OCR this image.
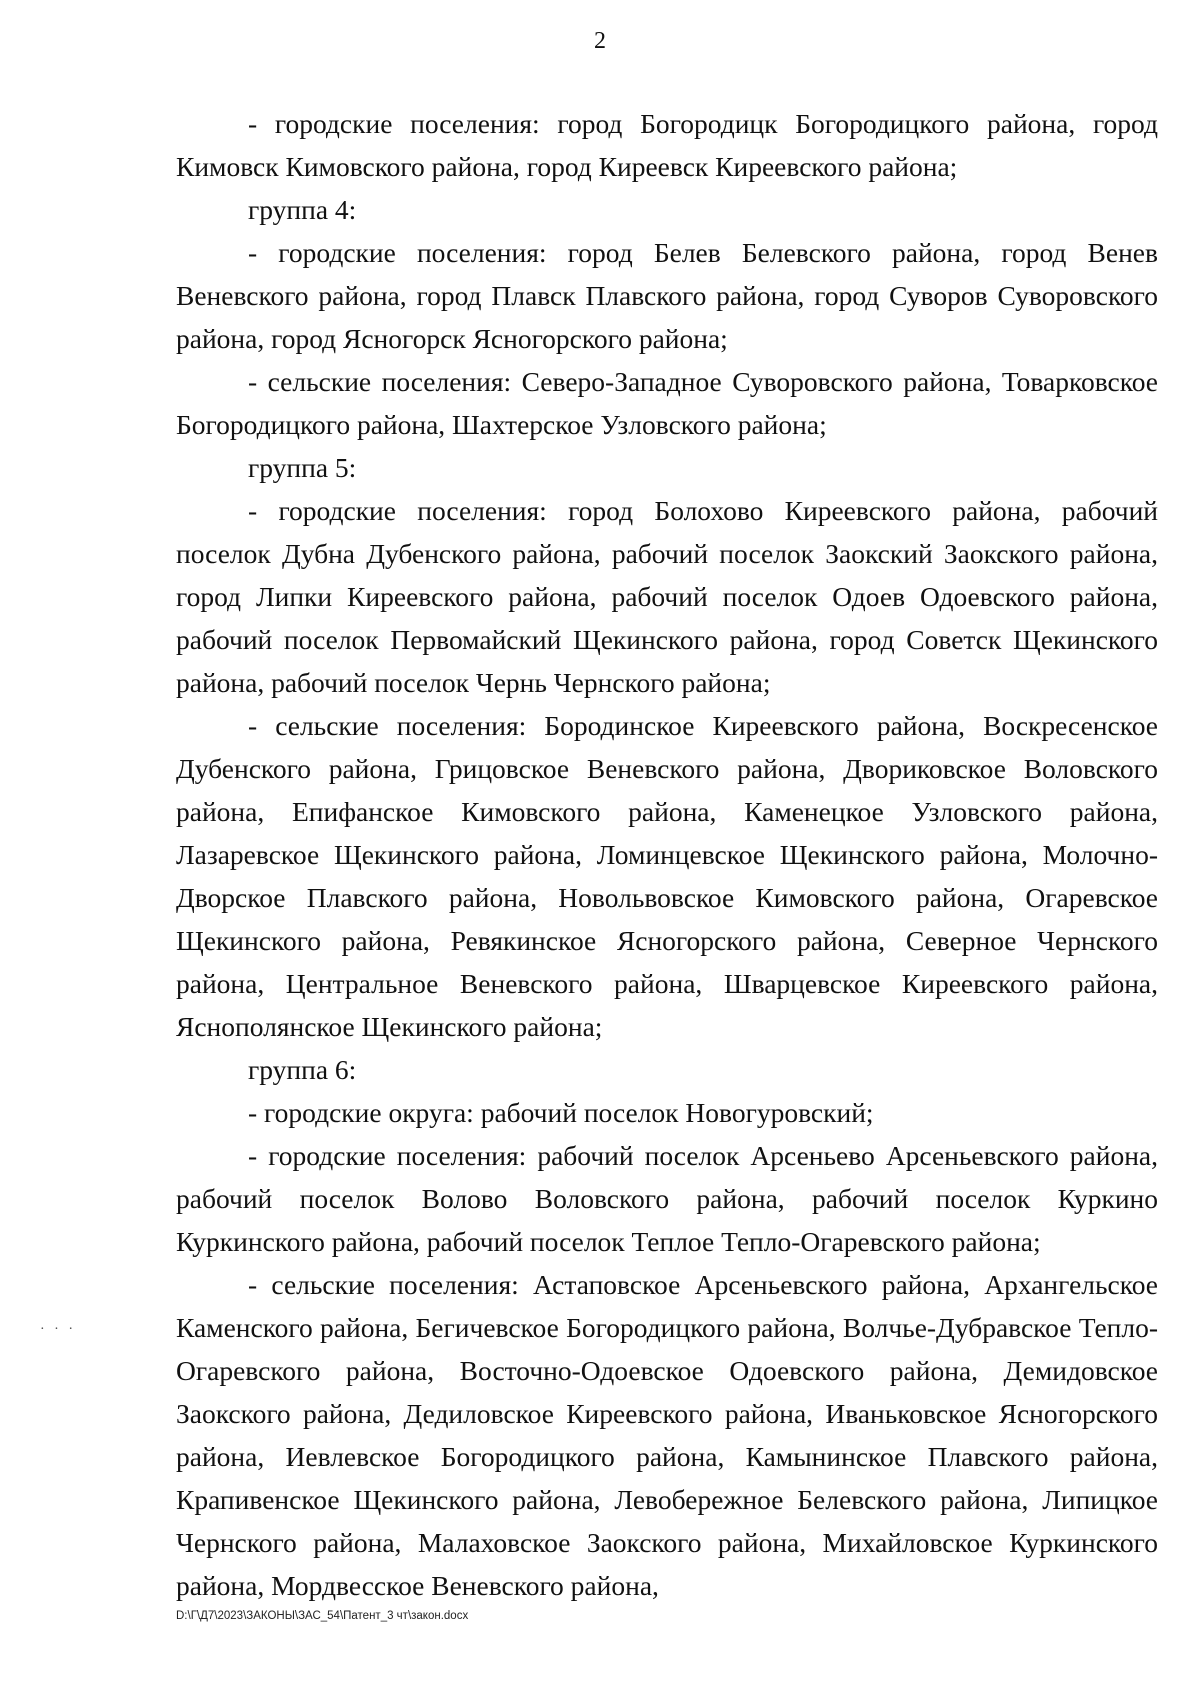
2

- городские поселения: город Богородицк Богородицкого района, город Кимовск Кимовского района, город Киреевск Киреевского района;

группа 4:

- городские поселения: город Белев Белевского района, город Венев Веневского района, город Плавск Плавского района, город Суворов Суворовского района, город Ясногорск Ясногорского района;

- сельские поселения: Северо-Западное Суворовского района, Товарковское Богородицкого района, Шахтерское Узловского района;

группа 5:

- городские поселения: город Болохово Киреевского района, рабочий поселок Дубна Дубенского района, рабочий поселок Заокский Заокского района, город Липки Киреевского района, рабочий поселок Одоев Одоевского района, рабочий поселок Первомайский Щекинского района, город Советск Щекинского района, рабочий поселок Чернь Чернского района;

- сельские поселения: Бородинское Киреевского района, Воскресенское Дубенского района, Грицовское Веневского района, Двориковское Воловского района, Епифанское Кимовского района, Каменецкое Узловского района, Лазаревское Щекинского района, Ломинцевское Щекинского района, Молочно-Дворское Плавского района, Новольвовское Кимовского района, Огаревское Щекинского района, Ревякинское Ясногорского района, Северное Чернского района, Центральное Веневского района, Шварцевское Киреевского района, Яснополянское Щекинского района;

группа 6:

- городские округа: рабочий поселок Новогуровский;

- городские поселения: рабочий поселок Арсеньево Арсеньевского района, рабочий поселок Волово Воловского района, рабочий поселок Куркино Куркинского района, рабочий поселок Теплое Тепло-Огаревского района;

- сельские поселения: Астаповское Арсеньевского района, Архангельское Каменского района, Бегичевское Богородицкого района, Волчье-Дубравское Тепло-Огаревского района, Восточно-Одоевское Одоевского района, Демидовское Заокского района, Дедиловское Киреевского района, Иваньковское Ясногорского района, Иевлевское Богородицкого района, Камынинское Плавского района, Крапивенское Щекинского района, Левобережное Белевского района, Липицкое Чернского района, Малаховское Заокского района, Михайловское Куркинского района, Мордвесское Веневского района,

· · ·
D:\Г\Д7\2023\ЗАКОНЫ\ЗАС_54\Патент_3 чт\закон.docx
